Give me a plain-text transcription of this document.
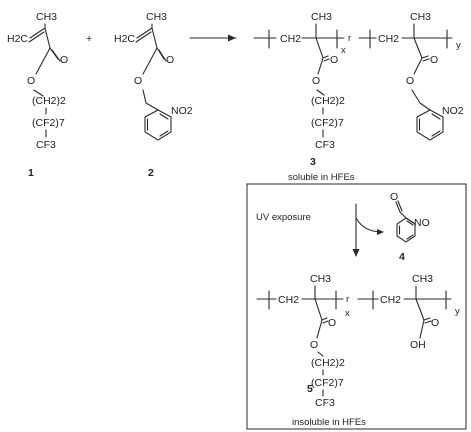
CH3
H2C
O
O
(CH2)2
(CF2)7
CF3
1
+
CH3
H2C
O
O
NO2
2
CH2
CH3
r
x
CH2
CH3
y
O
O
(CH2)2
(CF2)7
CF3
O
O
NO2
3
soluble in HFEs
UV exposure
O
NO
4
CH2
CH3
r
x
CH2
CH3
y
O
O
(CH2)2
(CF2)7
CF3
O
OH
5
insoluble in HFEs
